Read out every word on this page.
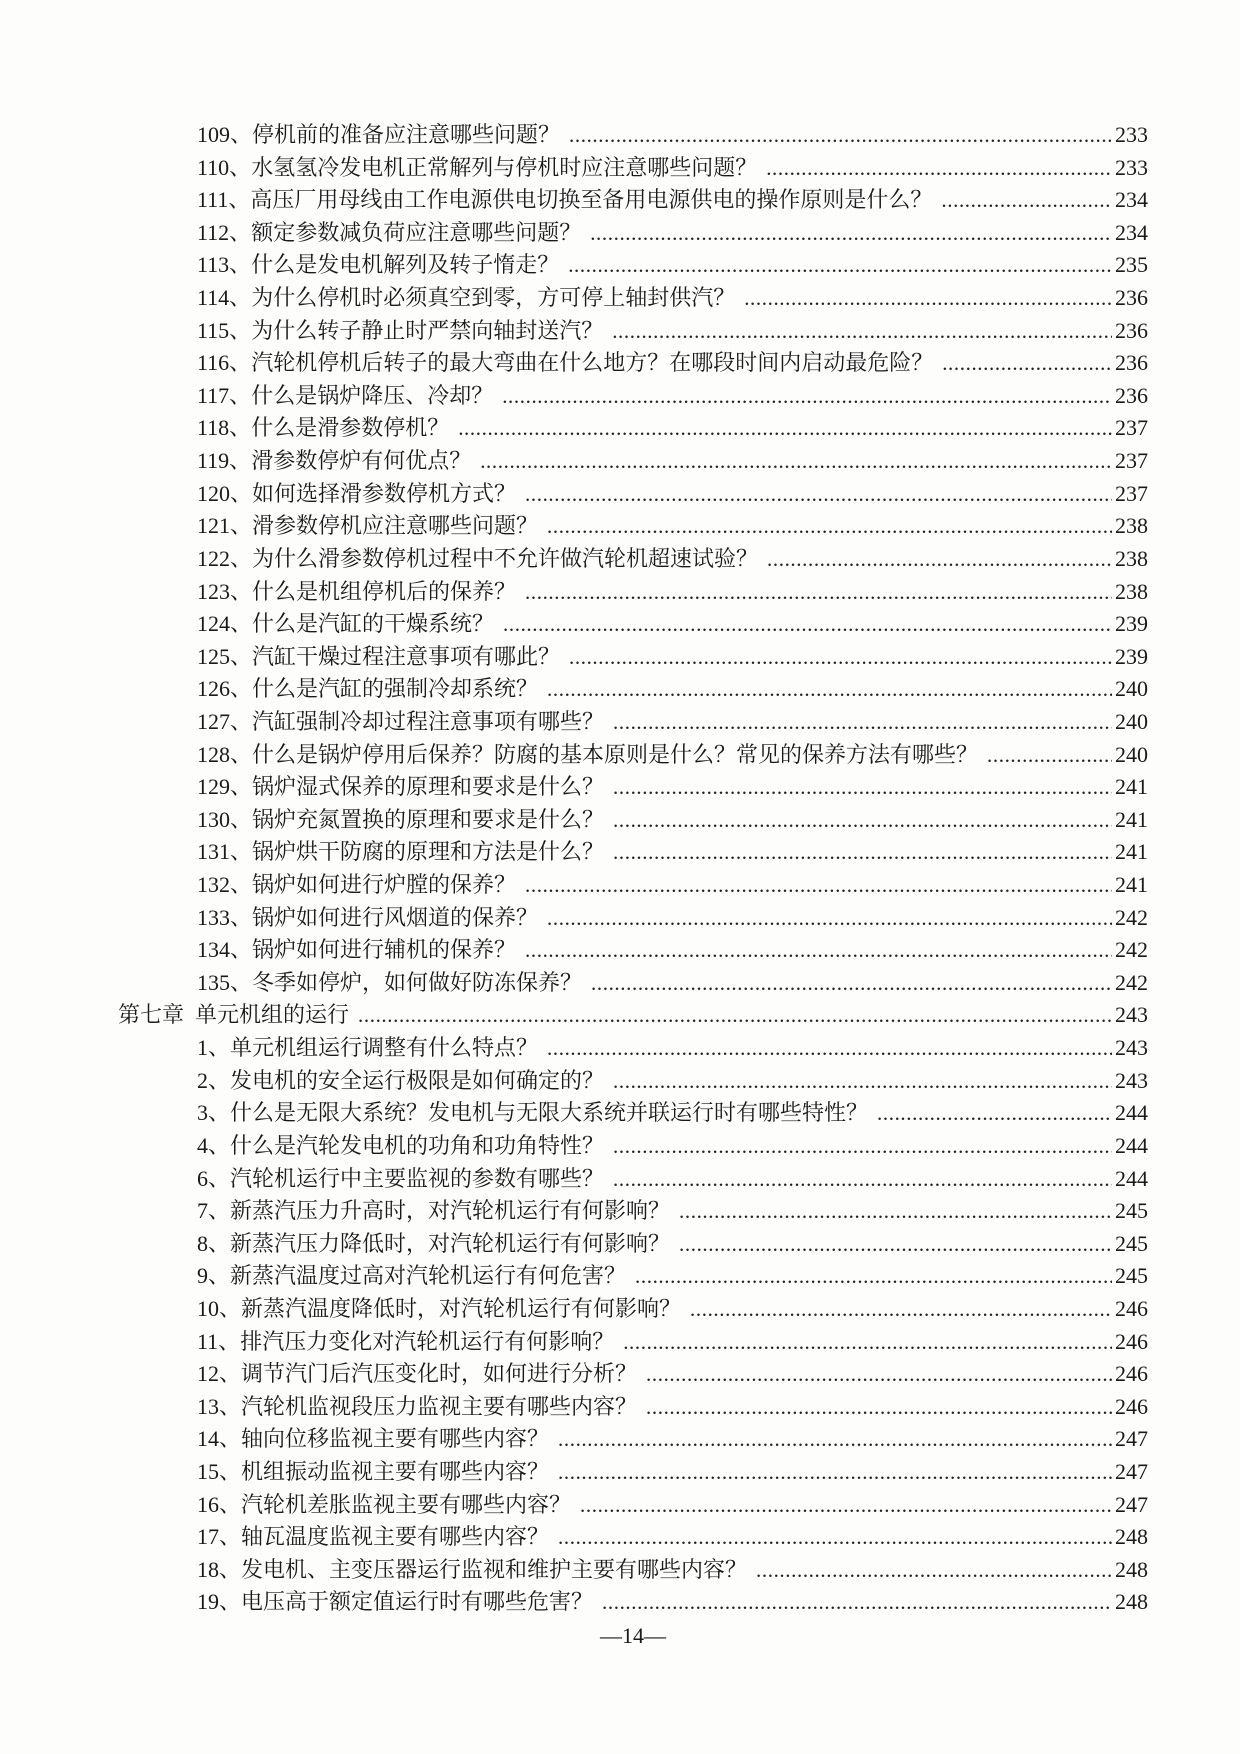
109、 停机前的准备应注意哪些问题？ .....	233
110、 水氢氢冷发电机正常解列与停机时应注意哪些问题？ .....	233
111、 高压厂用母线由工作电源供电切换至备用电源供电的操作原则是什么？ .....	234
112、 额定参数减负荷应注意哪些问题？ .....	234
113、 什么是发电机解列及转子惰走？ .....	235
114、 为什么停机时必须真空到零，方可停上轴封供汽？ .....	236
115、 为什么转子静止时严禁向轴封送汽？ .....	236
116、 汽轮机停机后转子的最大弯曲在什么地方？在哪段时间内启动最危险？ .....	236
117、 什么是锅炉降压、冷却？ .....	236
118、 什么是滑参数停机？ .....	237
119、 滑参数停炉有何优点？ .....	237
120、 如何选择滑参数停机方式？ .....	237
121、 滑参数停机应注意哪些问题？ .....	238
122、 为什么滑参数停机过程中不允许做汽轮机超速试验？ .....	238
123、 什么是机组停机后的保养？ .....	238
124、 什么是汽缸的干燥系统？ .....	239
125、 汽缸干燥过程注意事项有哪此？ .....	239
126、 什么是汽缸的强制冷却系统？ .....	240
127、 汽缸强制冷却过程注意事项有哪些？ .....	240
128、 什么是锅炉停用后保养？防腐的基本原则是什么？常见的保养方法有哪些？ .....	240
129、 锅炉湿式保养的原理和要求是什么？ .....	241
130、 锅炉充氮置换的原理和要求是什么？ .....	241
131、 锅炉烘干防腐的原理和方法是什么？ .....	241
132、 锅炉如何进行炉膛的保养？ .....	241
133、 锅炉如何进行风烟道的保养？ .....	242
134、 锅炉如何进行辅机的保养？ .....	242
135、 冬季如停炉，如何做好防冻保养？ .....	242
第七章 单元机组的运行 .....	243
1、 单元机组运行调整有什么特点？ .....	243
2、 发电机的安全运行极限是如何确定的？ .....	243
3、 什么是无限大系统？发电机与无限大系统并联运行时有哪些特性？ .....	244
4、 什么是汽轮发电机的功角和功角特性？ .....	244
6、 汽轮机运行中主要监视的参数有哪些？ .....	244
7、 新蒸汽压力升高时，对汽轮机运行有何影响？ .....	245
8、 新蒸汽压力降低时，对汽轮机运行有何影响？ .....	245
9、 新蒸汽温度过高对汽轮机运行有何危害？ .....	245
10、 新蒸汽温度降低时，对汽轮机运行有何影响？ .....	246
11、 排汽压力变化对汽轮机运行有何影响？ .....	246
12、 调节汽门后汽压变化时，如何进行分析？ .....	246
13、 汽轮机监视段压力监视主要有哪些内容？ .....	246
14、 轴向位移监视主要有哪些内容？ .....	247
15、 机组振动监视主要有哪些内容？ .....	247
16、 汽轮机差胀监视主要有哪些内容？ .....	247
17、 轴瓦温度监视主要有哪些内容？ .....	248
18、 发电机、主变压器运行监视和维护主要有哪些内容？ .....	248
19、 电压高于额定值运行时有哪些危害？ .....	248
—14—
